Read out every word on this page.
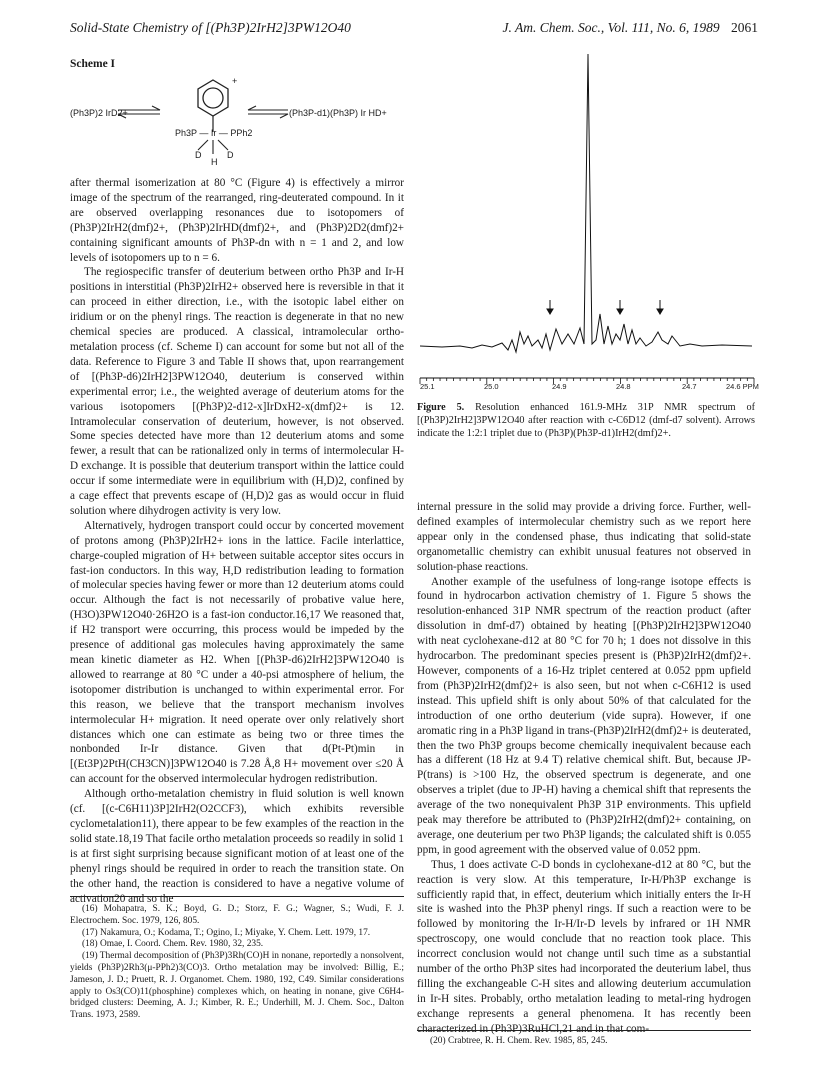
Solid-State Chemistry of [(Ph3P)2IrH2]3PW12O40	J. Am. Chem. Soc., Vol. 111, No. 6, 1989 2061
Scheme I
(Ph3P)2 IrD2+	(Ph3P-d1)(Ph3P) Ir HD+
+
Ph3P — Ir — PPh2
D	D
H

after thermal isomerization at 80 °C (Figure 4) is effectively a mirror image of the spectrum of the rearranged, ring-deuterated compound. In it are observed overlapping resonances due to isotopomers of (Ph3P)2IrH2(dmf)2+, (Ph3P)2IrHD(dmf)2+, and (Ph3P)2D2(dmf)2+ containing significant amounts of Ph3P-dn with n = 1 and 2, and low levels of isotopomers up to n = 6.

The regiospecific transfer of deuterium between ortho Ph3P and Ir-H positions in interstitial (Ph3P)2IrH2+ observed here is reversible in that it can proceed in either direction, i.e., with the isotopic label either on iridium or on the phenyl rings. The reaction is degenerate in that no new chemical species are produced. A classical, intramolecular ortho-metalation process (cf. Scheme I) can account for some but not all of the data. Reference to Figure 3 and Table II shows that, upon rearrangement of [(Ph3P-d6)2IrH2]3PW12O40, deuterium is conserved within experimental error; i.e., the weighted average of deuterium atoms for the various isotopomers [(Ph3P)2-d12-x]IrDxH2-x(dmf)2+ is 12. Intramolecular conservation of deuterium, however, is not observed. Some species detected have more than 12 deuterium atoms and some fewer, a result that can be rationalized only in terms of intermolecular H-D exchange. It is possible that deuterium transport within the lattice could occur if some intermediate were in equilibrium with (H,D)2, confined by a cage effect that prevents escape of (H,D)2 gas as would occur in fluid solution where dihydrogen activity is very low.

Alternatively, hydrogen transport could occur by concerted movement of protons among (Ph3P)2IrH2+ ions in the lattice. Facile interlattice, charge-coupled migration of H+ between suitable acceptor sites occurs in fast-ion conductors. In this way, H,D redistribution leading to formation of molecular species having fewer or more than 12 deuterium atoms could occur. Although the fact is not necessarily of probative value here, (H3O)3PW12O40·26H2O is a fast-ion conductor.16,17 We reasoned that, if H2 transport were occurring, this process would be impeded by the presence of additional gas molecules having approximately the same mean kinetic diameter as H2. When [(Ph3P-d6)2IrH2]3PW12O40 is allowed to rearrange at 80 °C under a 40-psi atmosphere of helium, the isotopomer distribution is unchanged to within experimental error. For this reason, we believe that the transport mechanism involves intermolecular H+ migration. It need operate over only relatively short distances which one can estimate as being two or three times the nonbonded Ir-Ir distance. Given that d(Pt-Pt)min in [(Et3P)2PtH(CH3CN)]3PW12O40 is 7.28 Å,8 H+ movement over ≤20 Å can account for the observed intermolecular hydrogen redistribution.

Although ortho-metalation chemistry in fluid solution is well known (cf. [(c-C6H11)3P]2IrH2(O2CCF3), which exhibits reversible cyclometalation11), there appear to be few examples of the reaction in the solid state.18,19 That facile ortho metalation proceeds so readily in solid 1 is at first sight surprising because significant motion of at least one of the phenyl rings should be required in order to reach the transition state. On the other hand, the reaction is considered to have a negative volume of activation20 and so the

(16) Mohapatra, S. K.; Boyd, G. D.; Storz, F. G.; Wagner, S.; Wudi, F. J. Electrochem. Soc. 1979, 126, 805.

(17) Nakamura, O.; Kodama, T.; Ogino, I.; Miyake, Y. Chem. Lett. 1979, 17.

(18) Omae, I. Coord. Chem. Rev. 1980, 32, 235.

(19) Thermal decomposition of (Ph3P)3Rh(CO)H in nonane, reportedly a nonsolvent, yields (Ph3P)2Rh3(μ-PPh2)3(CO)3. Ortho metalation may be involved: Billig, E.; Jameson, J. D.; Pruett, R. J. Organomet. Chem. 1980, 192, C49. Similar considerations apply to Os3(CO)11(phosphine) complexes which, on heating in nonane, give C6H4-bridged clusters: Deeming, A. J.; Kimber, R. E.; Underhill, M. J. Chem. Soc., Dalton Trans. 1973, 2589.

25.1	25.0	24.9	24.8	24.7	24.6 PPM
Figure 5. Resolution enhanced 161.9-MHz 31P NMR spectrum of [(Ph3P)2IrH2]3PW12O40 after reaction with c-C6D12 (dmf-d7 solvent). Arrows indicate the 1:2:1 triplet due to (Ph3P)(Ph3P-d1)IrH2(dmf)2+.

internal pressure in the solid may provide a driving force. Further, well-defined examples of intermolecular chemistry such as we report here appear only in the condensed phase, thus indicating that solid-state organometallic chemistry can exhibit unusual features not observed in solution-phase reactions.

Another example of the usefulness of long-range isotope effects is found in hydrocarbon activation chemistry of 1. Figure 5 shows the resolution-enhanced 31P NMR spectrum of the reaction product (after dissolution in dmf-d7) obtained by heating [(Ph3P)2IrH2]3PW12O40 with neat cyclohexane-d12 at 80 °C for 70 h; 1 does not dissolve in this hydrocarbon. The predominant species present is (Ph3P)2IrH2(dmf)2+. However, components of a 16-Hz triplet centered at 0.052 ppm upfield from (Ph3P)2IrH2(dmf)2+ is also seen, but not when c-C6H12 is used instead. This upfield shift is only about 50% of that calculated for the introduction of one ortho deuterium (vide supra). However, if one aromatic ring in a Ph3P ligand in trans-(Ph3P)2IrH2(dmf)2+ is deuterated, then the two Ph3P groups become chemically inequivalent because each has a different (18 Hz at 9.4 T) relative chemical shift. But, because JP-P(trans) is >100 Hz, the observed spectrum is degenerate, and one observes a triplet (due to JP-H) having a chemical shift that represents the average of the two nonequivalent Ph3P 31P environments. This upfield peak may therefore be attributed to (Ph3P)2IrH2(dmf)2+ containing, on average, one deuterium per two Ph3P ligands; the calculated shift is 0.055 ppm, in good agreement with the observed value of 0.052 ppm.

Thus, 1 does activate C-D bonds in cyclohexane-d12 at 80 °C, but the reaction is very slow. At this temperature, Ir-H/Ph3P exchange is sufficiently rapid that, in effect, deuterium which initially enters the Ir-H site is washed into the Ph3P phenyl rings. If such a reaction were to be followed by monitoring the Ir-H/Ir-D levels by infrared or 1H NMR spectroscopy, one would conclude that no reaction took place. This incorrect conclusion would not change until such time as a substantial number of the ortho Ph3P sites had incorporated the deuterium label, thus filling the exchangeable C-H sites and allowing deuterium accumulation in Ir-H sites. Probably, ortho metalation leading to metal-ring hydrogen exchange represents a general phenomena. It has recently been characterized in (Ph3P)3RuHCl,21 and in that com-

(20) Crabtree, R. H. Chem. Rev. 1985, 85, 245.
